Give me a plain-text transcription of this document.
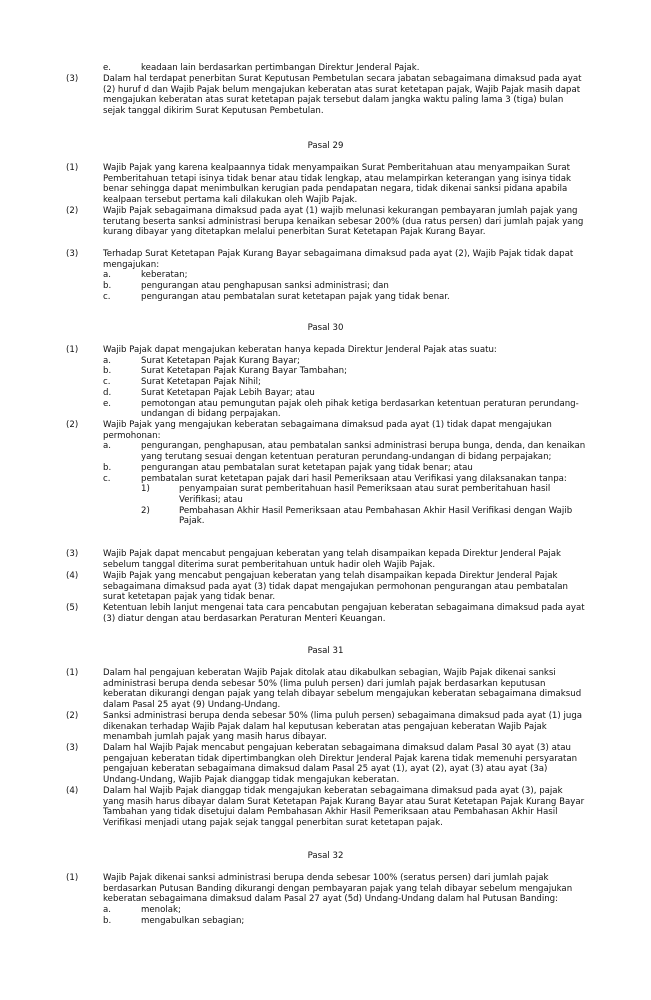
e.	keadaan lain berdasarkan pertimbangan Direktur Jenderal Pajak.
(3)	Dalam hal terdapat penerbitan Surat Keputusan Pembetulan secara jabatan sebagaimana dimaksud pada ayat (2) huruf d dan Wajib Pajak belum mengajukan keberatan atas surat ketetapan pajak, Wajib Pajak masih dapat mengajukan keberatan atas surat ketetapan pajak tersebut dalam jangka waktu paling lama 3 (tiga) bulan sejak tanggal dikirim Surat Keputusan Pembetulan.
Pasal 29
(1)	Wajib Pajak yang karena kealpaannya tidak menyampaikan Surat Pemberitahuan atau menyampaikan Surat Pemberitahuan tetapi isinya tidak benar atau tidak lengkap, atau melampirkan keterangan yang isinya tidak benar sehingga dapat menimbulkan kerugian pada pendapatan negara, tidak dikenai sanksi pidana apabila kealpaan tersebut pertama kali dilakukan oleh Wajib Pajak.
(2)	Wajib Pajak sebagaimana dimaksud pada ayat (1) wajib melunasi kekurangan pembayaran jumlah pajak yang terutang beserta sanksi administrasi berupa kenaikan sebesar 200% (dua ratus persen) dari jumlah pajak yang kurang dibayar yang ditetapkan melalui penerbitan Surat Ketetapan Pajak Kurang Bayar.
(3)	Terhadap Surat Ketetapan Pajak Kurang Bayar sebagaimana dimaksud pada ayat (2), Wajib Pajak tidak dapat mengajukan:
a.	keberatan;
b.	pengurangan atau penghapusan sanksi administrasi; dan
c.	pengurangan atau pembatalan surat ketetapan pajak yang tidak benar.
Pasal 30
(1)	Wajib Pajak dapat mengajukan keberatan hanya kepada Direktur Jenderal Pajak atas suatu:
a.	Surat Ketetapan Pajak Kurang Bayar;
b.	Surat Ketetapan Pajak Kurang Bayar Tambahan;
c.	Surat Ketetapan Pajak Nihil;
d.	Surat Ketetapan Pajak Lebih Bayar; atau
e.	pemotongan atau pemungutan pajak oleh pihak ketiga berdasarkan ketentuan peraturan perundang-undangan di bidang perpajakan.
(2)	Wajib Pajak yang mengajukan keberatan sebagaimana dimaksud pada ayat (1) tidak dapat mengajukan permohonan:
a.	pengurangan, penghapusan, atau pembatalan sanksi administrasi berupa bunga, denda, dan kenaikan yang terutang sesuai dengan ketentuan peraturan perundang-undangan di bidang perpajakan;
b.	pengurangan atau pembatalan surat ketetapan pajak yang tidak benar; atau
c.	pembatalan surat ketetapan pajak dari hasil Pemeriksaan atau Verifikasi yang dilaksanakan tanpa:
1)	penyampaian surat pemberitahuan hasil Pemeriksaan atau surat pemberitahuan hasil Verifikasi; atau
2)	Pembahasan Akhir Hasil Pemeriksaan atau Pembahasan Akhir Hasil Verifikasi dengan Wajib Pajak.
(3)	Wajib Pajak dapat mencabut pengajuan keberatan yang telah disampaikan kepada Direktur Jenderal Pajak sebelum tanggal diterima surat pemberitahuan untuk hadir oleh Wajib Pajak.
(4)	Wajib Pajak yang mencabut pengajuan keberatan yang telah disampaikan kepada Direktur Jenderal Pajak sebagaimana dimaksud pada ayat (3) tidak dapat mengajukan permohonan pengurangan atau pembatalan surat ketetapan pajak yang tidak benar.
(5)	Ketentuan lebih lanjut mengenai tata cara pencabutan pengajuan keberatan sebagaimana dimaksud pada ayat (3) diatur dengan atau berdasarkan Peraturan Menteri Keuangan.
Pasal 31
(1)	Dalam hal pengajuan keberatan Wajib Pajak ditolak atau dikabulkan sebagian, Wajib Pajak dikenai sanksi administrasi berupa denda sebesar 50% (lima puluh persen) dari jumlah pajak berdasarkan keputusan keberatan dikurangi dengan pajak yang telah dibayar sebelum mengajukan keberatan sebagaimana dimaksud dalam Pasal 25 ayat (9) Undang-Undang.
(2)	Sanksi administrasi berupa denda sebesar 50% (lima puluh persen) sebagaimana dimaksud pada ayat (1) juga dikenakan terhadap Wajib Pajak dalam hal keputusan keberatan atas pengajuan keberatan Wajib Pajak menambah jumlah pajak yang masih harus dibayar.
(3)	Dalam hal Wajib Pajak mencabut pengajuan keberatan sebagaimana dimaksud dalam Pasal 30 ayat (3) atau pengajuan keberatan tidak dipertimbangkan oleh Direktur Jenderal Pajak karena tidak memenuhi persyaratan pengajuan keberatan sebagaimana dimaksud dalam Pasal 25 ayat (1), ayat (2), ayat (3) atau ayat (3a) Undang-Undang, Wajib Pajak dianggap tidak mengajukan keberatan.
(4)	Dalam hal Wajib Pajak dianggap tidak mengajukan keberatan sebagaimana dimaksud pada ayat (3), pajak yang masih harus dibayar dalam Surat Ketetapan Pajak Kurang Bayar atau Surat Ketetapan Pajak Kurang Bayar Tambahan yang tidak disetujui dalam Pembahasan Akhir Hasil Pemeriksaan atau Pembahasan Akhir Hasil Verifikasi menjadi utang pajak sejak tanggal penerbitan surat ketetapan pajak.
Pasal 32
(1)	Wajib Pajak dikenai sanksi administrasi berupa denda sebesar 100% (seratus persen) dari jumlah pajak berdasarkan Putusan Banding dikurangi dengan pembayaran pajak yang telah dibayar sebelum mengajukan keberatan sebagaimana dimaksud dalam Pasal 27 ayat (5d) Undang-Undang dalam hal Putusan Banding:
a.	menolak;
b.	mengabulkan sebagian;
